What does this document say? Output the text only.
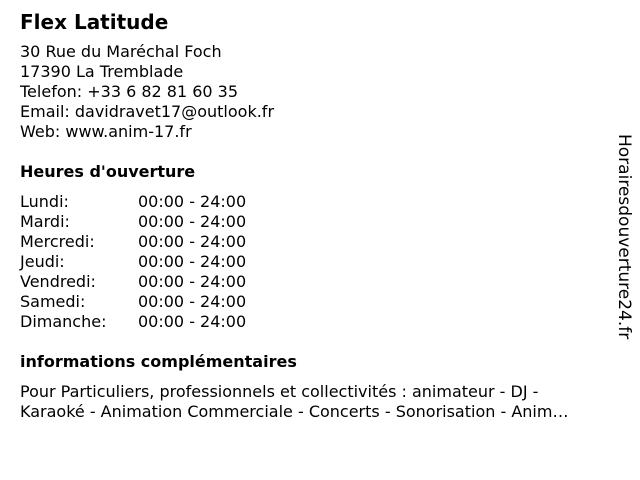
Flex Latitude
30 Rue du Maréchal Foch
17390 La Tremblade
Telefon: +33 6 82 81 60 35
Email: davidravet17@outlook.fr
Web: www.anim-17.fr
Heures d'ouverture
Lundi:	00:00 - 24:00
Mardi:	00:00 - 24:00
Mercredi:	00:00 - 24:00
Jeudi:	00:00 - 24:00
Vendredi:	00:00 - 24:00
Samedi:	00:00 - 24:00
Dimanche:	00:00 - 24:00
informations complémentaires
Pour Particuliers, professionnels et collectivités : animateur - DJ -
Karaoké - Animation Commerciale - Concerts - Sonorisation - Anim…
Horairesdouverture24.fr
